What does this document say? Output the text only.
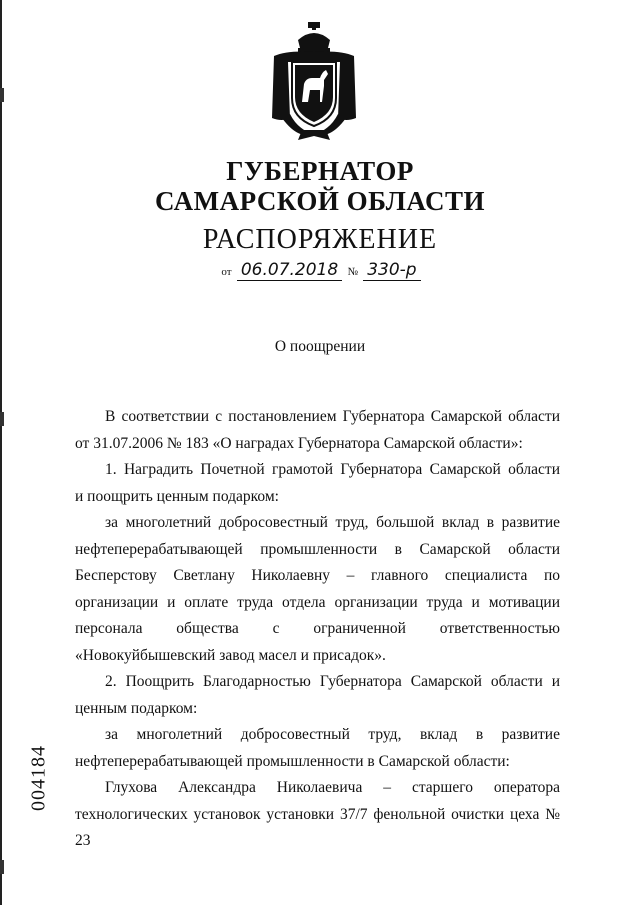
ГУБЕРНАТОР
САМАРСКОЙ ОБЛАСТИ
РАСПОРЯЖЕНИЕ
от 06.07.2018 № 330-р
О поощрении

В соответствии с постановлением Губернатора Самарской области

от 31.07.2006 № 183 «О наградах Губернатора Самарской области»:

1. Наградить Почетной грамотой Губернатора Самарской области

и поощрить ценным подарком:

за многолетний добросовестный труд, большой вклад в развитие нефтеперерабатывающей промышленности в Самарской области Бесперстову Светлану Николаевну – главного специалиста по организации и оплате труда отдела организации труда и мотивации персонала общества с ограниченной ответственностью «Новокуйбышевский завод масел и присадок».

2. Поощрить Благодарностью Губернатора Самарской области и ценным подарком:

за многолетний добросовестный труд, вклад в развитие

нефтеперерабатывающей промышленности в Самарской области:

Глухова Александра Николаевича – старшего оператора

технологических установок установки 37/7 фенольной очистки цеха № 23

004184
